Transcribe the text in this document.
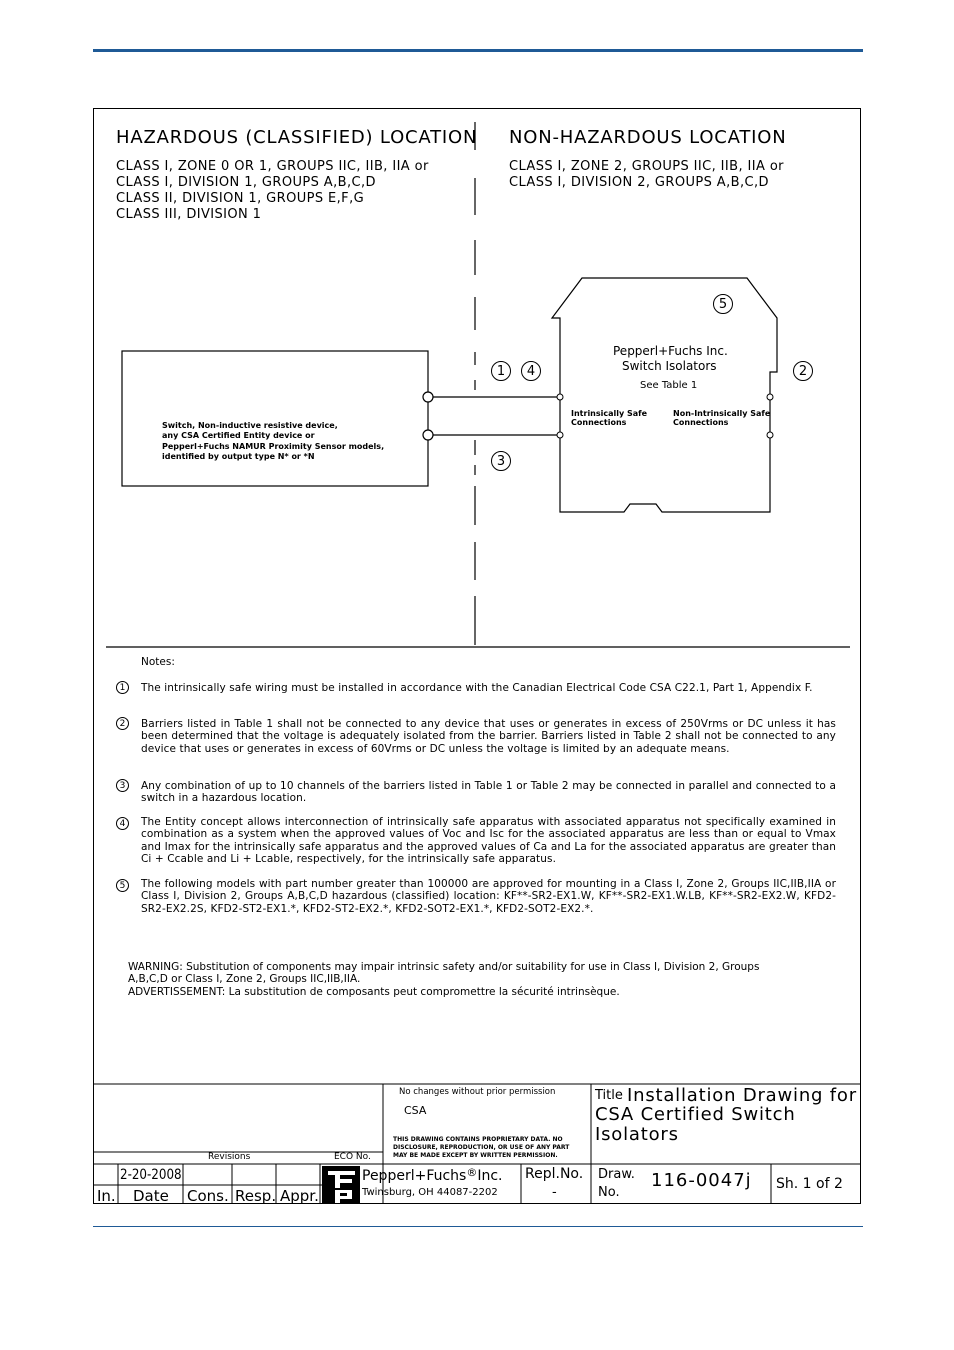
HAZARDOUS (CLASSIFIED) LOCATION
CLASS I, ZONE 0 OR 1, GROUPS IIC, IIB, IIA or
CLASS I, DIVISION 1, GROUPS A,B,C,D
CLASS II, DIVISION 1, GROUPS E,F,G
CLASS III, DIVISION 1
NON-HAZARDOUS LOCATION
CLASS I, ZONE 2, GROUPS IIC, IIB, IIA or
CLASS I, DIVISION 2, GROUPS A,B,C,D
Switch, Non-inductive resistive device,
any CSA Certified Entity device or
Pepperl+Fuchs NAMUR Proximity Sensor models,
identified by output type N* or *N
Pepperl+Fuchs Inc.
Switch Isolators
See Table 1
Intrinsically Safe
Connections
Non-Intrinsically Safe
Connections
5
1	4	2
3
Notes:
1	The intrinsically safe wiring must be installed in accordance with the Canadian Electrical Code CSA C22.1, Part 1, Appendix F.
2	Barriers listed in Table 1 shall not be connected to any device that uses or generates in excess of 250Vrms or DC unless it has been determined that the voltage is adequately isolated from the barrier. Barriers listed in Table 2 shall not be connected to any device that uses or generates in excess of 60Vrms or DC unless the voltage is limited by an adequate means.
3	Any combination of up to 10 channels of the barriers listed in Table 1 or Table 2 may be connected in parallel and connected to a switch in a hazardous location.
4	The Entity concept allows interconnection of intrinsically safe apparatus with associated apparatus not specifically examined in combination as a system when the approved values of Voc and Isc for the associated apparatus are less than or equal to Vmax and Imax for the intrinsically safe apparatus and the approved values of Ca and La for the associated apparatus are greater than Ci + Ccable and Li + Lcable, respectively, for the intrinsically safe apparatus.
5	The following models with part number greater than 100000 are approved for mounting in a Class I, Zone 2, Groups IIC,IIB,IIA or Class I, Division 2, Groups A,B,C,D hazardous (classified) location: KF**-SR2-EX1.W, KF**-SR2-EX1.W.LB, KF**-SR2-EX2.W, KFD2-SR2-EX2.2S, KFD2-ST2-EX1.*, KFD2-ST2-EX2.*, KFD2-SOT2-EX1.*, KFD2-SOT2-EX2.*.
WARNING: Substitution of components may impair intrinsic safety and/or suitability for use in Class I, Division 2, Groups
A,B,C,D or Class I, Zone 2, Groups IIC,IIB,IIA.
ADVERTISSEMENT: La substitution de composants peut compromettre la sécurité intrinsèque.
Revisions	ECO No.
No changes without prior permission
CSA
THIS DRAWING CONTAINS PROPRIETARY DATA. NO
DISCLOSURE, REPRODUCTION, OR USE OF ANY PART
MAY BE MADE EXCEPT BY WRITTEN PERMISSION.
Title Installation Drawing for
CSA Certified Switch
Isolators
2-20-2008
In. Date Cons. Resp. Appr.
Pepperl+Fuchs®Inc.
Twinsburg, OH 44087-2202
Repl.No.
-
Draw.
No.
116-0047j Sh. 1 of 2
